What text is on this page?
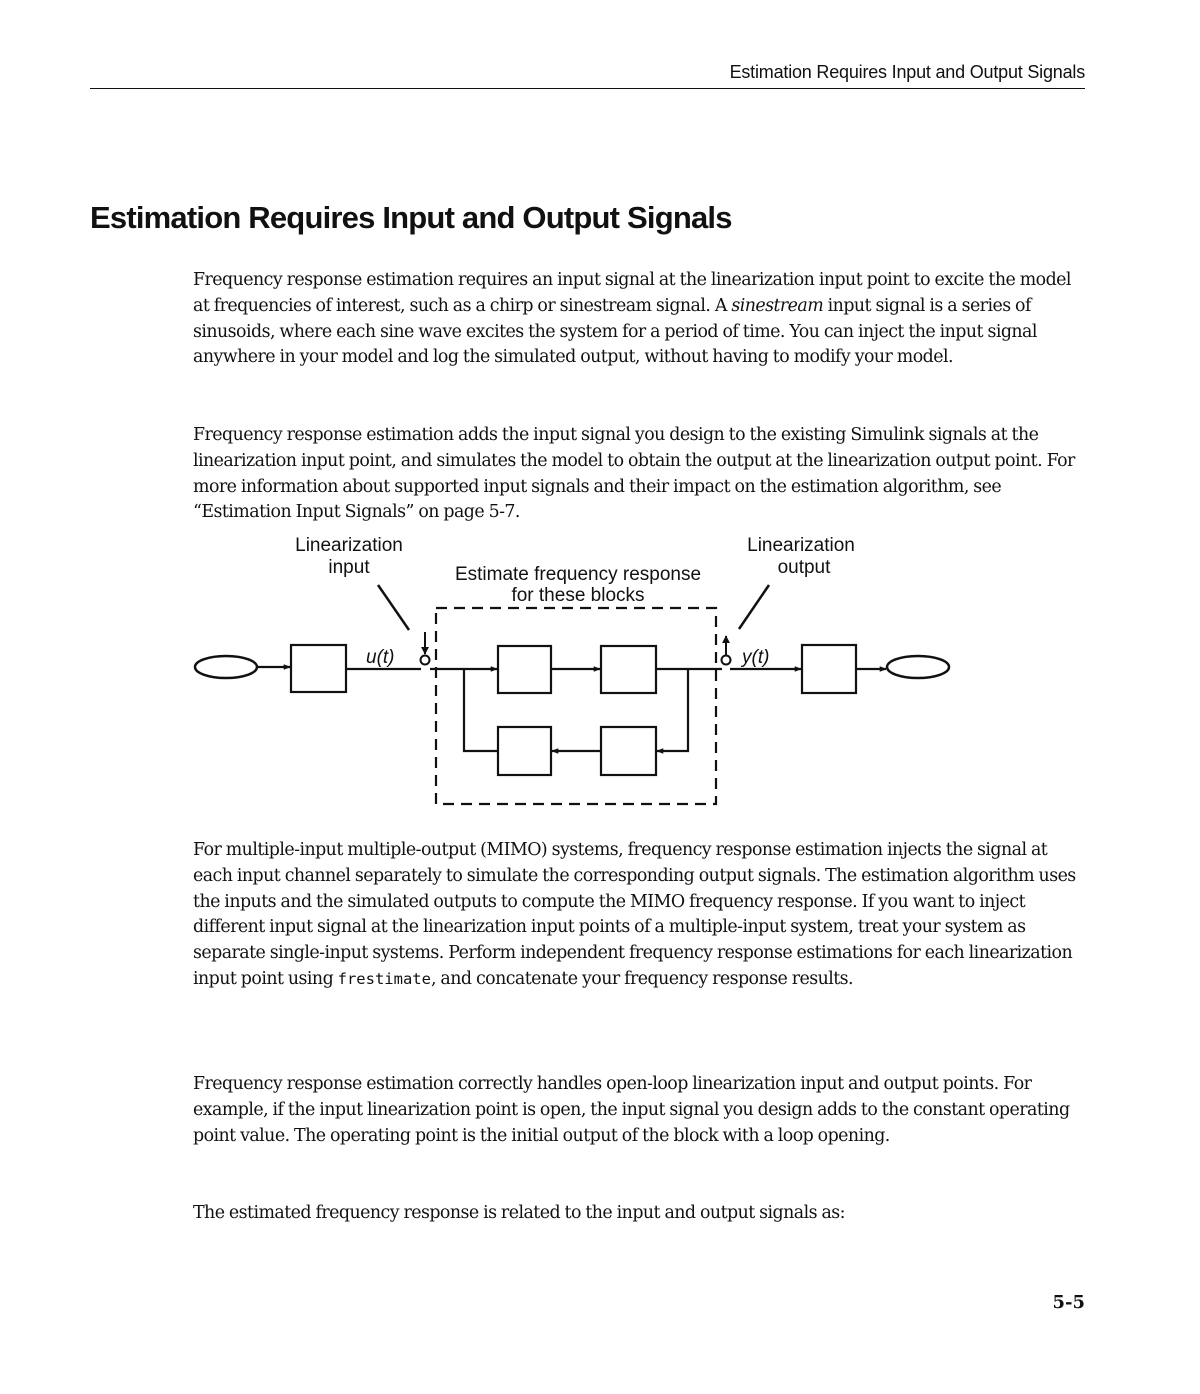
Estimation Requires Input and Output Signals
Estimation Requires Input and Output Signals

Frequency response estimation requires an input signal at the linearization input point to excite the model at frequencies of interest, such as a chirp or sinestream signal. A sinestream input signal is a series of sinusoids, where each sine wave excites the system for a period of time. You can inject the input signal anywhere in your model and log the simulated output, without having to modify your model.

Frequency response estimation adds the input signal you design to the existing Simulink signals at the linearization input point, and simulates the model to obtain the output at the linearization output point. For more information about supported input signals and their impact on the estimation algorithm, see “Estimation Input Signals” on page 5-7.

Linearization
input	Estimate frequency response
for these blocks
Linearization
output
u(t)	y(t)

For multiple-input multiple-output (MIMO) systems, frequency response estimation injects the signal at each input channel separately to simulate the corresponding output signals. The estimation algorithm uses the inputs and the simulated outputs to compute the MIMO frequency response. If you want to inject different input signal at the linearization input points of a multiple-input system, treat your system as separate single-input systems. Perform independent frequency response estimations for each linearization input point using frestimate, and concatenate your frequency response results.

Frequency response estimation correctly handles open-loop linearization input and output points. For example, if the input linearization point is open, the input signal you design adds to the constant operating point value. The operating point is the initial output of the block with a loop opening.

The estimated frequency response is related to the input and output signals as:

5-5
